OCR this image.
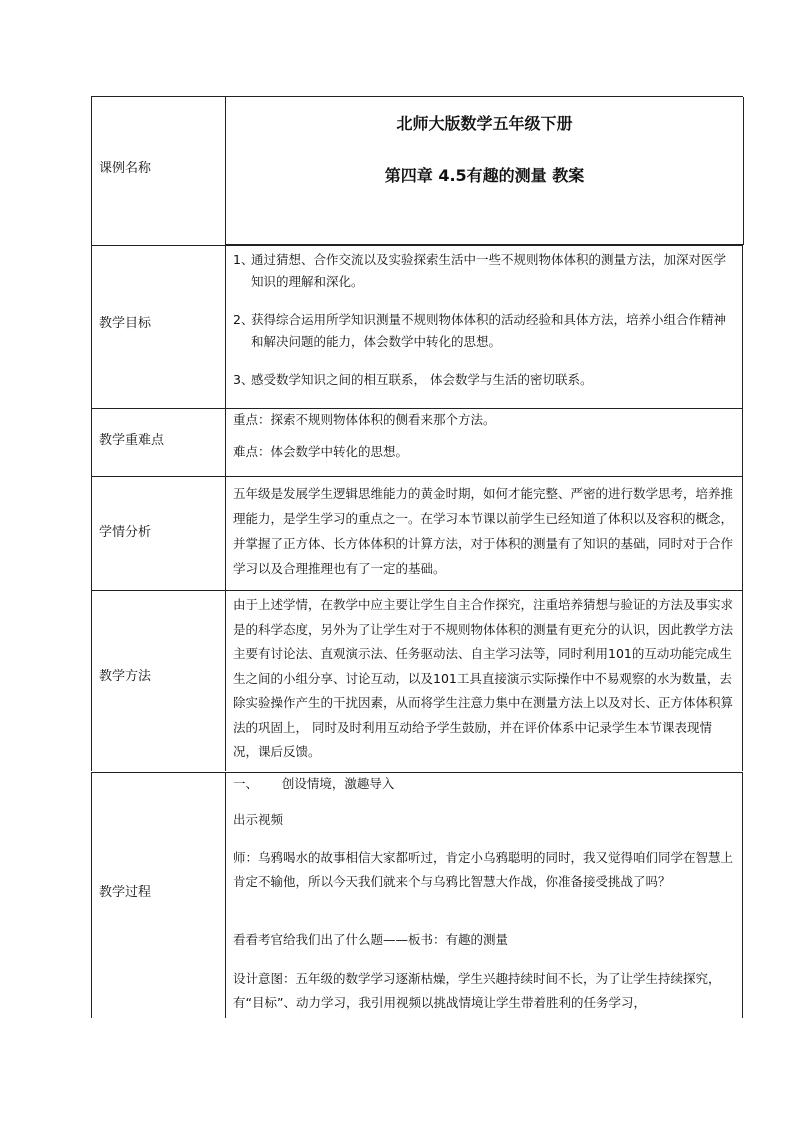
课例名称
北师大版数学五年级下册
第四章 4.5有趣的测量 教案
教学目标
1、
通过猜想、合作交流以及实验探索生活中一些不规则物体体积的测量方法，加深对医学知识的理解和深化。
2、
获得综合运用所学知识测量不规则物体体积的活动经验和具体方法，培养小组合作精神和解决问题的能力，体会数学中转化的思想。
3、
感受数学知识之间的相互联系， 体会数学与生活的密切联系。
教学重难点
重点：探索不规则物体体积的侧看来那个方法。
难点：体会数学中转化的思想。
学情分析
五年级是发展学生逻辑思维能力的黄金时期，如何才能完整、严密的进行数学思考，培养推理能力，是学生学习的重点之一。在学习本节课以前学生已经知道了体积以及容积的概念，并掌握了正方体、长方体体积的计算方法，对于体积的测量有了知识的基础，同时对于合作学习以及合理推理也有了一定的基础。
教学方法
由于上述学情，在教学中应主要让学生自主合作探究，注重培养猜想与验证的方法及事实求是的科学态度，另外为了让学生对于不规则物体体积的测量有更充分的认识，因此教学方法主要有讨论法、直观演示法、任务驱动法、自主学习法等，同时利用101的互动功能完成生生之间的小组分享、讨论互动，以及101工具直接演示实际操作中不易观察的水为数量，去除实验操作产生的干扰因素，从而将学生注意力集中在测量方法上以及对长、正方体体积算法的巩固上， 同时及时利用互动给予学生鼓励，并在评价体系中记录学生本节课表现情况，课后反馈。
教学过程
一、      创设情境，激趣导入
出示视频
师：乌鸦喝水的故事相信大家都听过，肯定小乌鸦聪明的同时，我又觉得咱们同学在智慧上肯定不输他，所以今天我们就来个与乌鸦比智慧大作战，你准备接受挑战了吗？
看看考官给我们出了什么题——板书：有趣的测量
设计意图：五年级的数学学习逐渐枯燥，学生兴趣持续时间不长，为了让学生持续探究，有“目标”、动力学习，我引用视频以挑战情境让学生带着胜利的任务学习，
